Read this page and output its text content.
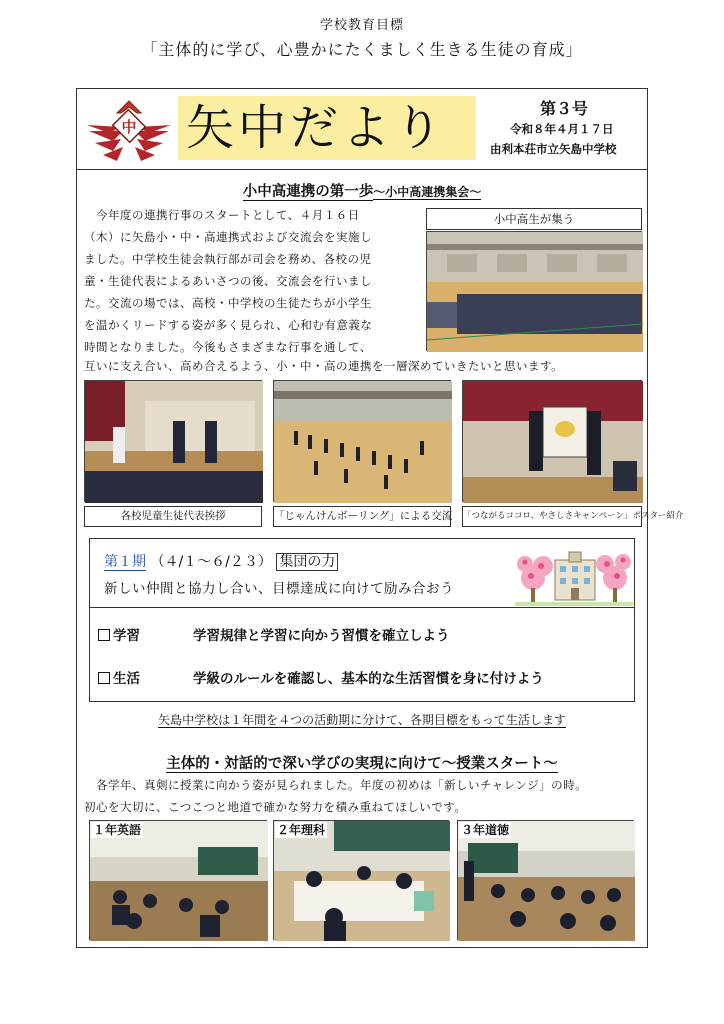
学校教育目標
「主体的に学び、心豊かにたくましく生きる生徒の育成」
中 矢中だより	第３号
令和８年４月１７日
由利本荘市立矢島中学校
小中高連携の第一歩～小中高連携集会～
　今年度の連携行事のスタートとして、４月１６日
（木）に矢島小・中・高連携式および交流会を実施し
ました。中学校生徒会執行部が司会を務め、各校の児
童・生徒代表によるあいさつの後、交流会を行いまし
た。交流の場では、高校・中学校の生徒たちが小学生
を温かくリードする姿が多く見られ、心和む有意義な
時間となりました。今後もさまざまな行事を通して、
互いに支え合い、高め合えるよう、小・中・高の連携を一層深めていきたいと思います。
小中高生が集う
各校児童生徒代表挨拶	「じゃんけんボーリング」による交流 「つながるココロ、やさしさキャンペーン」ポスター紹介
第１期 （４/１～６/２３） 集団の力
新しい仲間と協力し合い、目標達成に向けて励み合おう
学習	学習規律と学習に向かう習慣を確立しよう
生活	学級のルールを確認し、基本的な生活習慣を身に付けよう
矢島中学校は１年間を４つの活動期に分けて、各期目標をもって生活します
主体的・対話的で深い学びの実現に向けて～授業スタート～
　各学年、真剣に授業に向かう姿が見られました。年度の初めは「新しいチャレンジ」の時。
初心を大切に、こつこつと地道で確かな努力を積み重ねてほしいです。
１年英語	２年理科	３年道徳
